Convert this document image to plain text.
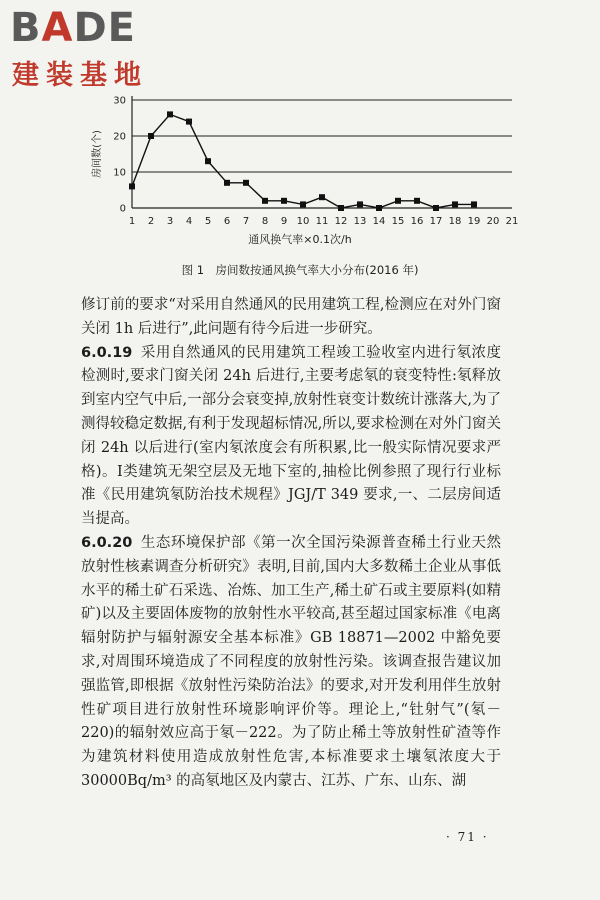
BADE
建装基地
0
10
20
30
1 2 3 4 5 6 7 8 9 10 11 12 13 14 15 16 17 18 19 20 21
房间数(个)
通风换气率×0.1次/h
图 1　房间数按通风换气率大小分布(2016 年)

修订前的要求“对采用自然通风的民用建筑工程,检测应在对外门窗关闭 1h 后进行”,此问题有待今后进一步研究。

6.0.19 采用自然通风的民用建筑工程竣工验收室内进行氡浓度检测时,要求门窗关闭 24h 后进行,主要考虑氡的衰变特性:氡释放到室内空气中后,一部分会衰变掉,放射性衰变计数统计涨落大,为了测得较稳定数据,有利于发现超标情况,所以,要求检测在对外门窗关闭 24h 以后进行(室内氡浓度会有所积累,比一般实际情况要求严格)。Ⅰ类建筑无架空层及无地下室的,抽检比例参照了现行行业标准《民用建筑氡防治技术规程》JGJ/T 349 要求,一、二层房间适当提高。

6.0.20 生态环境保护部《第一次全国污染源普查稀土行业天然放射性核素调查分析研究》表明,目前,国内大多数稀土企业从事低水平的稀土矿石采选、冶炼、加工生产,稀土矿石或主要原料(如精矿)以及主要固体废物的放射性水平较高,甚至超过国家标准《电离辐射防护与辐射源安全基本标准》GB 18871—2002 中豁免要求,对周围环境造成了不同程度的放射性污染。该调查报告建议加强监管,即根据《放射性污染防治法》的要求,对开发利用伴生放射性矿项目进行放射性环境影响评价等。理论上,“钍射气”(氡－220)的辐射效应高于氡－222。为了防止稀土等放射性矿渣等作为建筑材料使用造成放射性危害,本标准要求土壤氡浓度大于 30000Bq/m³ 的高氡地区及内蒙古、江苏、广东、山东、湖

· 71 ·
